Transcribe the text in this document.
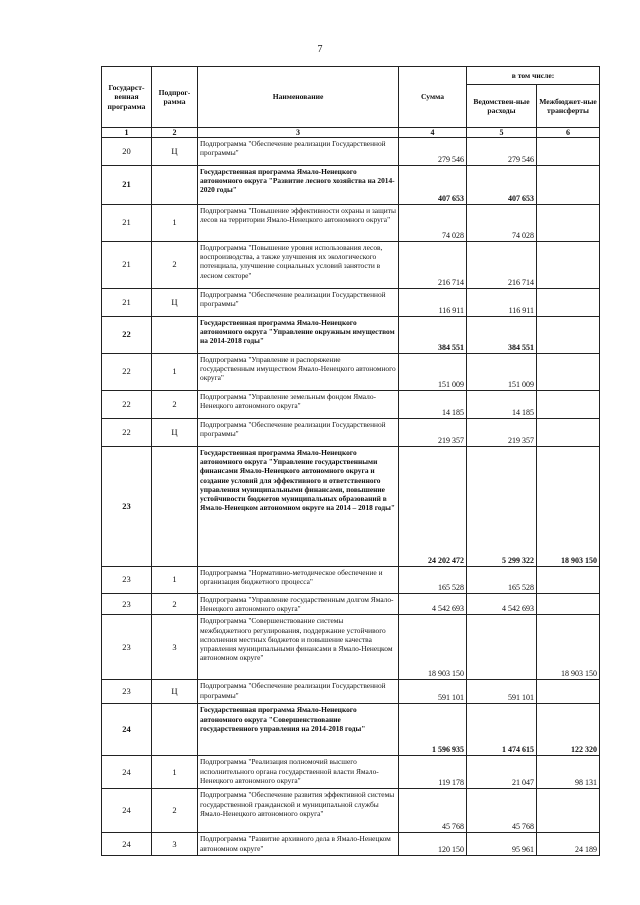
7
Государст-венная программа	Подпрог-рамма	Наименование	Сумма	в том числе:	
				Ведомствен-ные расходы	Межбюджет-ные трансферты
1	2	3	4	5	6
20	Ц	Подпрограмма "Обеспечение реализации Государственной программы"	279 546	279 546	
21		Государственная программа Ямало-Ненецкого автономного округа "Развитие лесного хозяйства на 2014-2020 годы"	407 653	407 653	
21	1	Подпрограмма "Повышение эффективности охраны и защиты лесов на территории Ямало-Ненецкого автономного округа"	74 028	74 028	
21	2	Подпрограмма "Повышение уровня использования лесов, воспроизводства, а также улучшения их экологического потенциала, улучшение социальных условий занятости в лесном секторе"	216 714	216 714	
21	Ц	Подпрограмма "Обеспечение реализации Государственной программы"	116 911	116 911	
22		Государственная программа Ямало-Ненецкого автономного округа "Управление окружным имуществом на 2014-2018 годы"	384 551	384 551	
22	1	Подпрограмма "Управление и распоряжение государственным имуществом Ямало-Ненецкого автономного округа"	151 009	151 009	
22	2	Подпрограмма "Управление земельным фондом Ямало-Ненецкого автономного округа"	14 185	14 185	
22	Ц	Подпрограмма "Обеспечение реализации Государственной программы"	219 357	219 357	
23		Государственная программа Ямало-Ненецкого автономного округа "Управление государственными финансами Ямало-Ненецкого автономного округа и создание условий для эффективного и ответственного управления муниципальными финансами, повышение устойчивости бюджетов муниципальных образований в Ямало-Ненецком автономном округе на 2014 – 2018 годы"	24 202 472	5 299 322	18 903 150
23	1	Подпрограмма "Нормативно-методическое обеспечение и организация бюджетного процесса"	165 528	165 528	
23	2	Подпрограмма "Управление государственным долгом Ямало-Ненецкого автономного округа"	4 542 693	4 542 693	
23	3	Подпрограмма "Совершенствование системы межбюджетного регулирования, поддержание устойчивого исполнения местных бюджетов и повышение качества управления муниципальными финансами в Ямало-Ненецком автономном округе"	18 903 150		18 903 150
23	Ц	Подпрограмма "Обеспечение реализации Государственной программы"	591 101	591 101	
24		Государственная программа Ямало-Ненецкого автономного округа "Совершенствование государственного управления на 2014-2018 годы"	1 596 935	1 474 615	122 320
24	1	Подпрограмма "Реализация полномочий высшего исполнительного органа государственной власти Ямало-Ненецкого автономного округа"	119 178	21 047	98 131
24	2	Подпрограмма "Обеспечение развития эффективной системы государственной гражданской и муниципальной службы Ямало-Ненецкого автономного округа"	45 768	45 768	
24	3	Подпрограмма "Развитие архивного дела в Ямало-Ненецком автономном округе"	120 150	95 961	24 189
